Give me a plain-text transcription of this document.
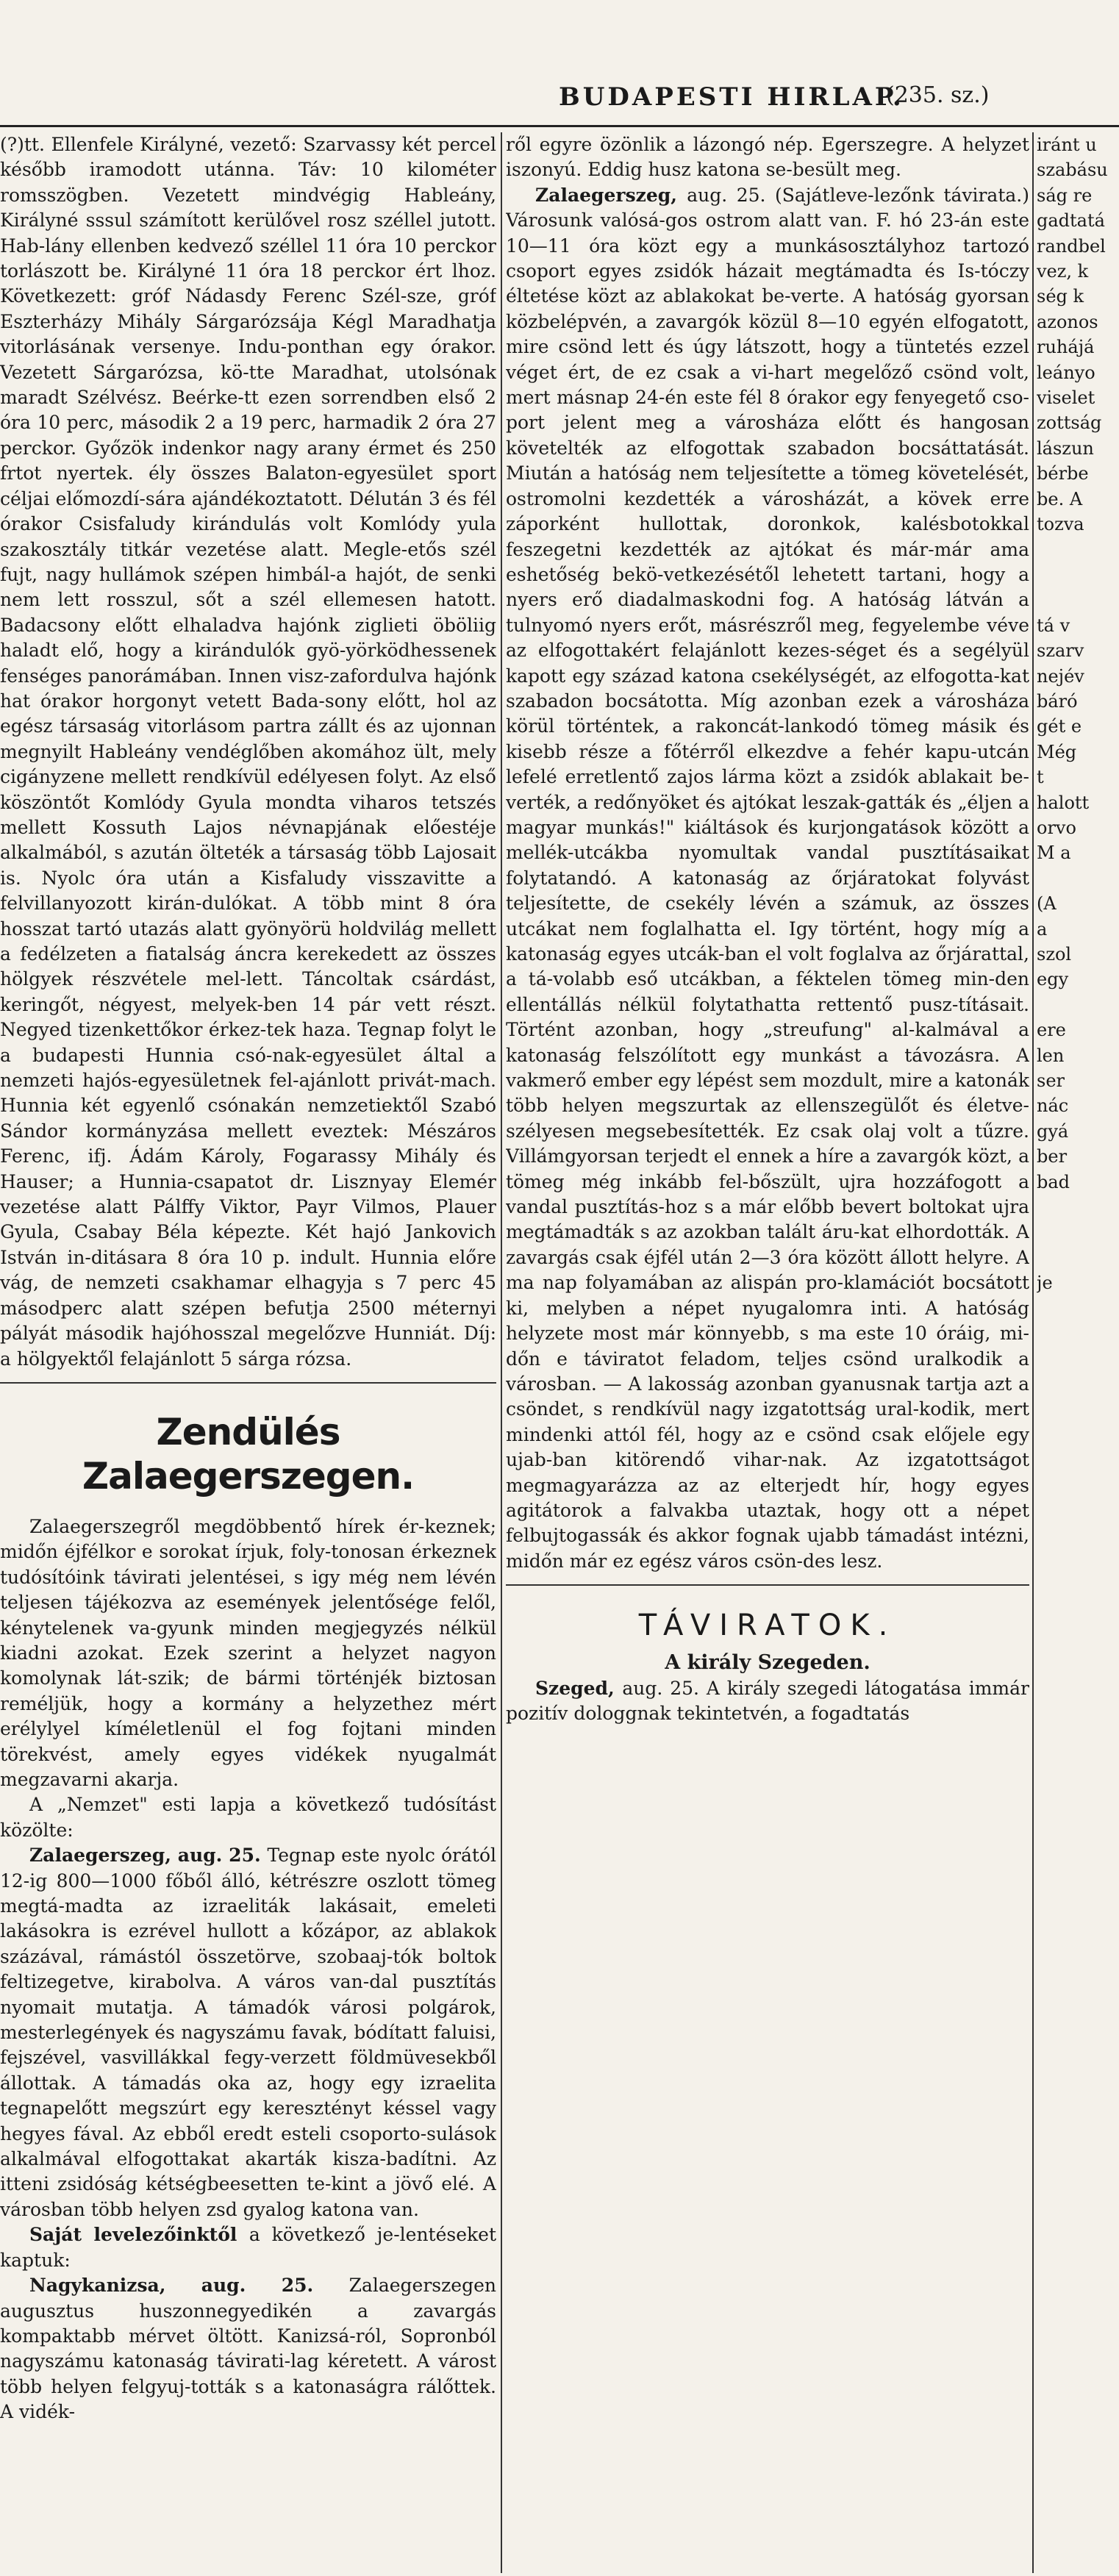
BUDAPESTI HIRLAP.
(235. sz.)

(?)tt. Ellenfele Királyné, vezető: Szarvassy két percel később iramodott utánna. Táv: 10 kilométer romsszögben. Vezetett mindvégig Hableány, Királyné sssul számított kerülővel rosz széllel jutott. Hab-lány ellenben kedvező széllel 11 óra 10 perckor torlászott be. Királyné 11 óra 18 perckor ért lhoz. Következett: gróf Nádasdy Ferenc Szél-sze, gróf Eszterházy Mihály Sárgarózsája Kégl Maradhatja vitorlásának versenye. Indu-ponthan egy órakor. Vezetett Sárgarózsa, kö-tte Maradhat, utolsónak maradt Szélvész. Beérke-tt ezen sorrendben első 2 óra 10 perc, második 2 a 19 perc, harmadik 2 óra 27 perckor. Győzök indenkor nagy arany érmet és 250 frtot nyertek. ély összes Balaton-egyesület sport céljai előmozdí-sára ajándékoztatott. Délután 3 és fél órakor Csisfaludy kirándulás volt Komlódy yula szakosztály titkár vezetése alatt. Megle-etős szél fujt, nagy hullámok szépen himbál-a hajót, de senki nem lett rosszul, sőt a szél ellemesen hatott. Badacsony előtt elhaladva hajónk ziglieti öböliig haladt elő, hogy a kirándulók gyö-yörködhessenek fenséges panorámában. Innen visz-zafordulva hajónk hat órakor horgonyt vetett Bada-sony előtt, hol az egész társaság vitorlásom partra zállt és az ujonnan megnyilt Hableány vendéglőben akomához ült, mely cigányzene mellett rendkívül edélyesen folyt. Az első köszöntőt Komlódy Gyula mondta viharos tetszés mellett Kossuth Lajos névnapjának előestéje alkalmából, s azután ölteték a társaság több Lajosait is. Nyolc óra után a Kisfaludy visszavitte a felvillanyozott kirán-dulókat. A több mint 8 óra hosszat tartó utazás alatt gyönyörü holdvilág mellett a fedélzeten a fiatalság áncra kerekedett az összes hölgyek részvétele mel-lett. Táncoltak csárdást, keringőt, négyest, melyek-ben 14 pár vett részt. Negyed tizenkettőkor érkez-tek haza. Tegnap folyt le a budapesti Hunnia csó-nak-egyesület által a nemzeti hajós-egyesületnek fel-ajánlott privát-mach. Hunnia két egyenlő csónakán nemzetiektől Szabó Sándor kormányzása mellett eveztek: Mészáros Ferenc, ifj. Ádám Károly, Fogarassy Mihály és Hauser; a Hunnia-csapatot dr. Lisznyay Elemér vezetése alatt Pálffy Viktor, Payr Vilmos, Plauer Gyula, Csabay Béla képezte. Két hajó Jankovich István in-ditásara 8 óra 10 p. indult. Hunnia előre vág, de nemzeti csakhamar elhagyja s 7 perc 45 másodperc alatt szépen befutja 2500 méternyi pályát második hajóhosszal megelőzve Hunniát. Díj: a hölgyektől felajánlott 5 sárga rózsa.

Zendülés Zalaegerszegen.

Zalaegerszegről megdöbbentő hírek ér-keznek; midőn éjfélkor e sorokat írjuk, foly-tonosan érkeznek tudósítóink távirati jelentései, s igy még nem lévén teljesen tájékozva az események jelentősége felől, kénytelenek va-gyunk minden megjegyzés nélkül kiadni azokat. Ezek szerint a helyzet nagyon komolynak lát-szik; de bármi történjék biztosan reméljük, hogy a kormány a helyzethez mért erélylyel kíméletlenül el fog fojtani minden törekvést, amely egyes vidékek nyugalmát megzavarni akarja.

A „Nemzet" esti lapja a következő tudósítást közölte:

Zalaegerszeg, aug. 25. Tegnap este nyolc órától 12-ig 800—1000 főből álló, kétrészre oszlott tömeg megtá-madta az izraeliták lakásait, emeleti lakásokra is ezrével hullott a kőzápor, az ablakok százával, rámástól összetörve, szobaaj-tók boltok feltizegetve, kirabolva. A város van-dal pusztítás nyomait mutatja. A támadók városi polgárok, mesterlegények és nagyszámu favak, bódítatt faluisi, fejszével, vasvillákkal fegy-verzett földmüvesekből állottak. A támadás oka az, hogy egy izraelita tegnapelőtt megszúrt egy keresztényt késsel vagy hegyes fával. Az ebből eredt esteli csoporto-sulások alkalmával elfogottakat akarták kisza-badítni. Az itteni zsidóság kétségbeesetten te-kint a jövő elé. A városban több helyen zsd gyalog katona van.

Saját levelezőinktől a következő je-lentéseket kaptuk:

Nagykanizsa, aug. 25. Zalaegerszegen augusztus huszonnegyedikén a zavargás kompaktabb mérvet öltött. Kanizsá-ról, Sopronból nagyszámu katonaság távirati-lag kéretett. A várost több helyen felgyuj-tották s a katonaságra rálőttek. A vidék-

ről egyre özönlik a lázongó nép. Egerszegre. A helyzet iszonyú. Eddig husz katona se-besült meg.

Zalaegerszeg, aug. 25. (Sajátleve-lezőnk távirata.) Városunk valósá-gos ostrom alatt van. F. hó 23-án este 10—11 óra közt egy a munkásosztályhoz tartozó csoport egyes zsidók házait megtámadta és Is-tóczy éltetése közt az ablakokat be-verte. A hatóság gyorsan közbelépvén, a zavargók közül 8—10 egyén elfogatott, mire csönd lett és úgy látszott, hogy a tüntetés ezzel véget ért, de ez csak a vi-hart megelőző csönd volt, mert másnap 24-én este fél 8 órakor egy fenyegető cso-port jelent meg a városháza előtt és hangosan követelték az elfogottak szabadon bocsáttatását. Miután a hatóság nem teljesítette a tömeg követelését, ostromolni kezdették a városházát, a kövek erre záporként hullottak, doronkok, kalésbotokkal feszegetni kezdették az ajtókat és már-már ama eshetőség bekö-vetkezésétől lehetett tartani, hogy a nyers erő diadalmaskodni fog. A hatóság látván a tulnyomó nyers erőt, másrészről meg, fegyelembe véve az elfogottakért felajánlott kezes-séget és a segélyül kapott egy század katona csekélységét, az elfogotta-kat szabadon bocsátotta. Míg azonban ezek a városháza körül történtek, a rakoncát-lankodó tömeg másik és kisebb része a főtérről elkezdve a fehér kapu-utcán lefelé erretlentő zajos lárma közt a zsidók ablakait be-verték, a redőnyöket és ajtókat leszak-gatták és „éljen a magyar munkás!" kiáltások és kurjongatások között a mellék-utcákba nyomultak vandal pusztításaikat folytatandó. A katonaság az őrjáratokat folyvást teljesítette, de csekély lévén a számuk, az összes utcákat nem foglalhatta el. Igy történt, hogy míg a katonaság egyes utcák-ban el volt foglalva az őrjárattal, a tá-volabb eső utcákban, a féktelen tömeg min-den ellentállás nélkül folytathatta rettentő pusz-tításait. Történt azonban, hogy „streufung" al-kalmával a katonaság felszólított egy munkást a távozásra. A vakmerő ember egy lépést sem mozdult, mire a katonák több helyen megszurtak az ellenszegülőt és életve-szélyesen megsebesítették. Ez csak olaj volt a tűzre. Villámgyorsan terjedt el ennek a híre a zavargók közt, a tömeg még inkább fel-bőszült, ujra hozzáfogott a vandal pusztítás-hoz s a már előbb bevert boltokat ujra megtámadták s az azokban talált áru-kat elhordották. A zavargás csak éjfél után 2—3 óra között állott helyre. A ma nap folyamában az alispán pro-klamációt bocsátott ki, melyben a népet nyugalomra inti. A hatóság helyzete most már könnyebb, s ma este 10 óráig, mi-dőn e táviratot feladom, teljes csönd uralkodik a városban. — A lakosság azonban gyanusnak tartja azt a csöndet, s rendkívül nagy izgatottság ural-kodik, mert mindenki attól fél, hogy az e csönd csak előjele egy ujab-ban kitörendő vihar-nak. Az izgatottságot megmagyarázza az az elterjedt hír, hogy egyes agitátorok a falvakba utaztak, hogy ott a népet felbujtogassák és akkor fognak ujabb támadást intézni, midőn már ez egész város csön-des lesz.

TÁVIRATOK.
A király Szegeden.

Szeged, aug. 25. A király szegedi látogatása immár pozitív dologgnak tekintetvén, a fogadtatás

iránt u

szabásu

ság re

gadtatá

randbel

vez, k

ség k

azonos

ruhájá

leányo

viselet

zottság

lászun

bérbe

be. A

tozva

tá v

szarv

nejév

báró

gét e

Még

t

halott

orvo

M a

(A

a

szol

egy

ere

len

ser

nác

gyá

ber

bad

je
